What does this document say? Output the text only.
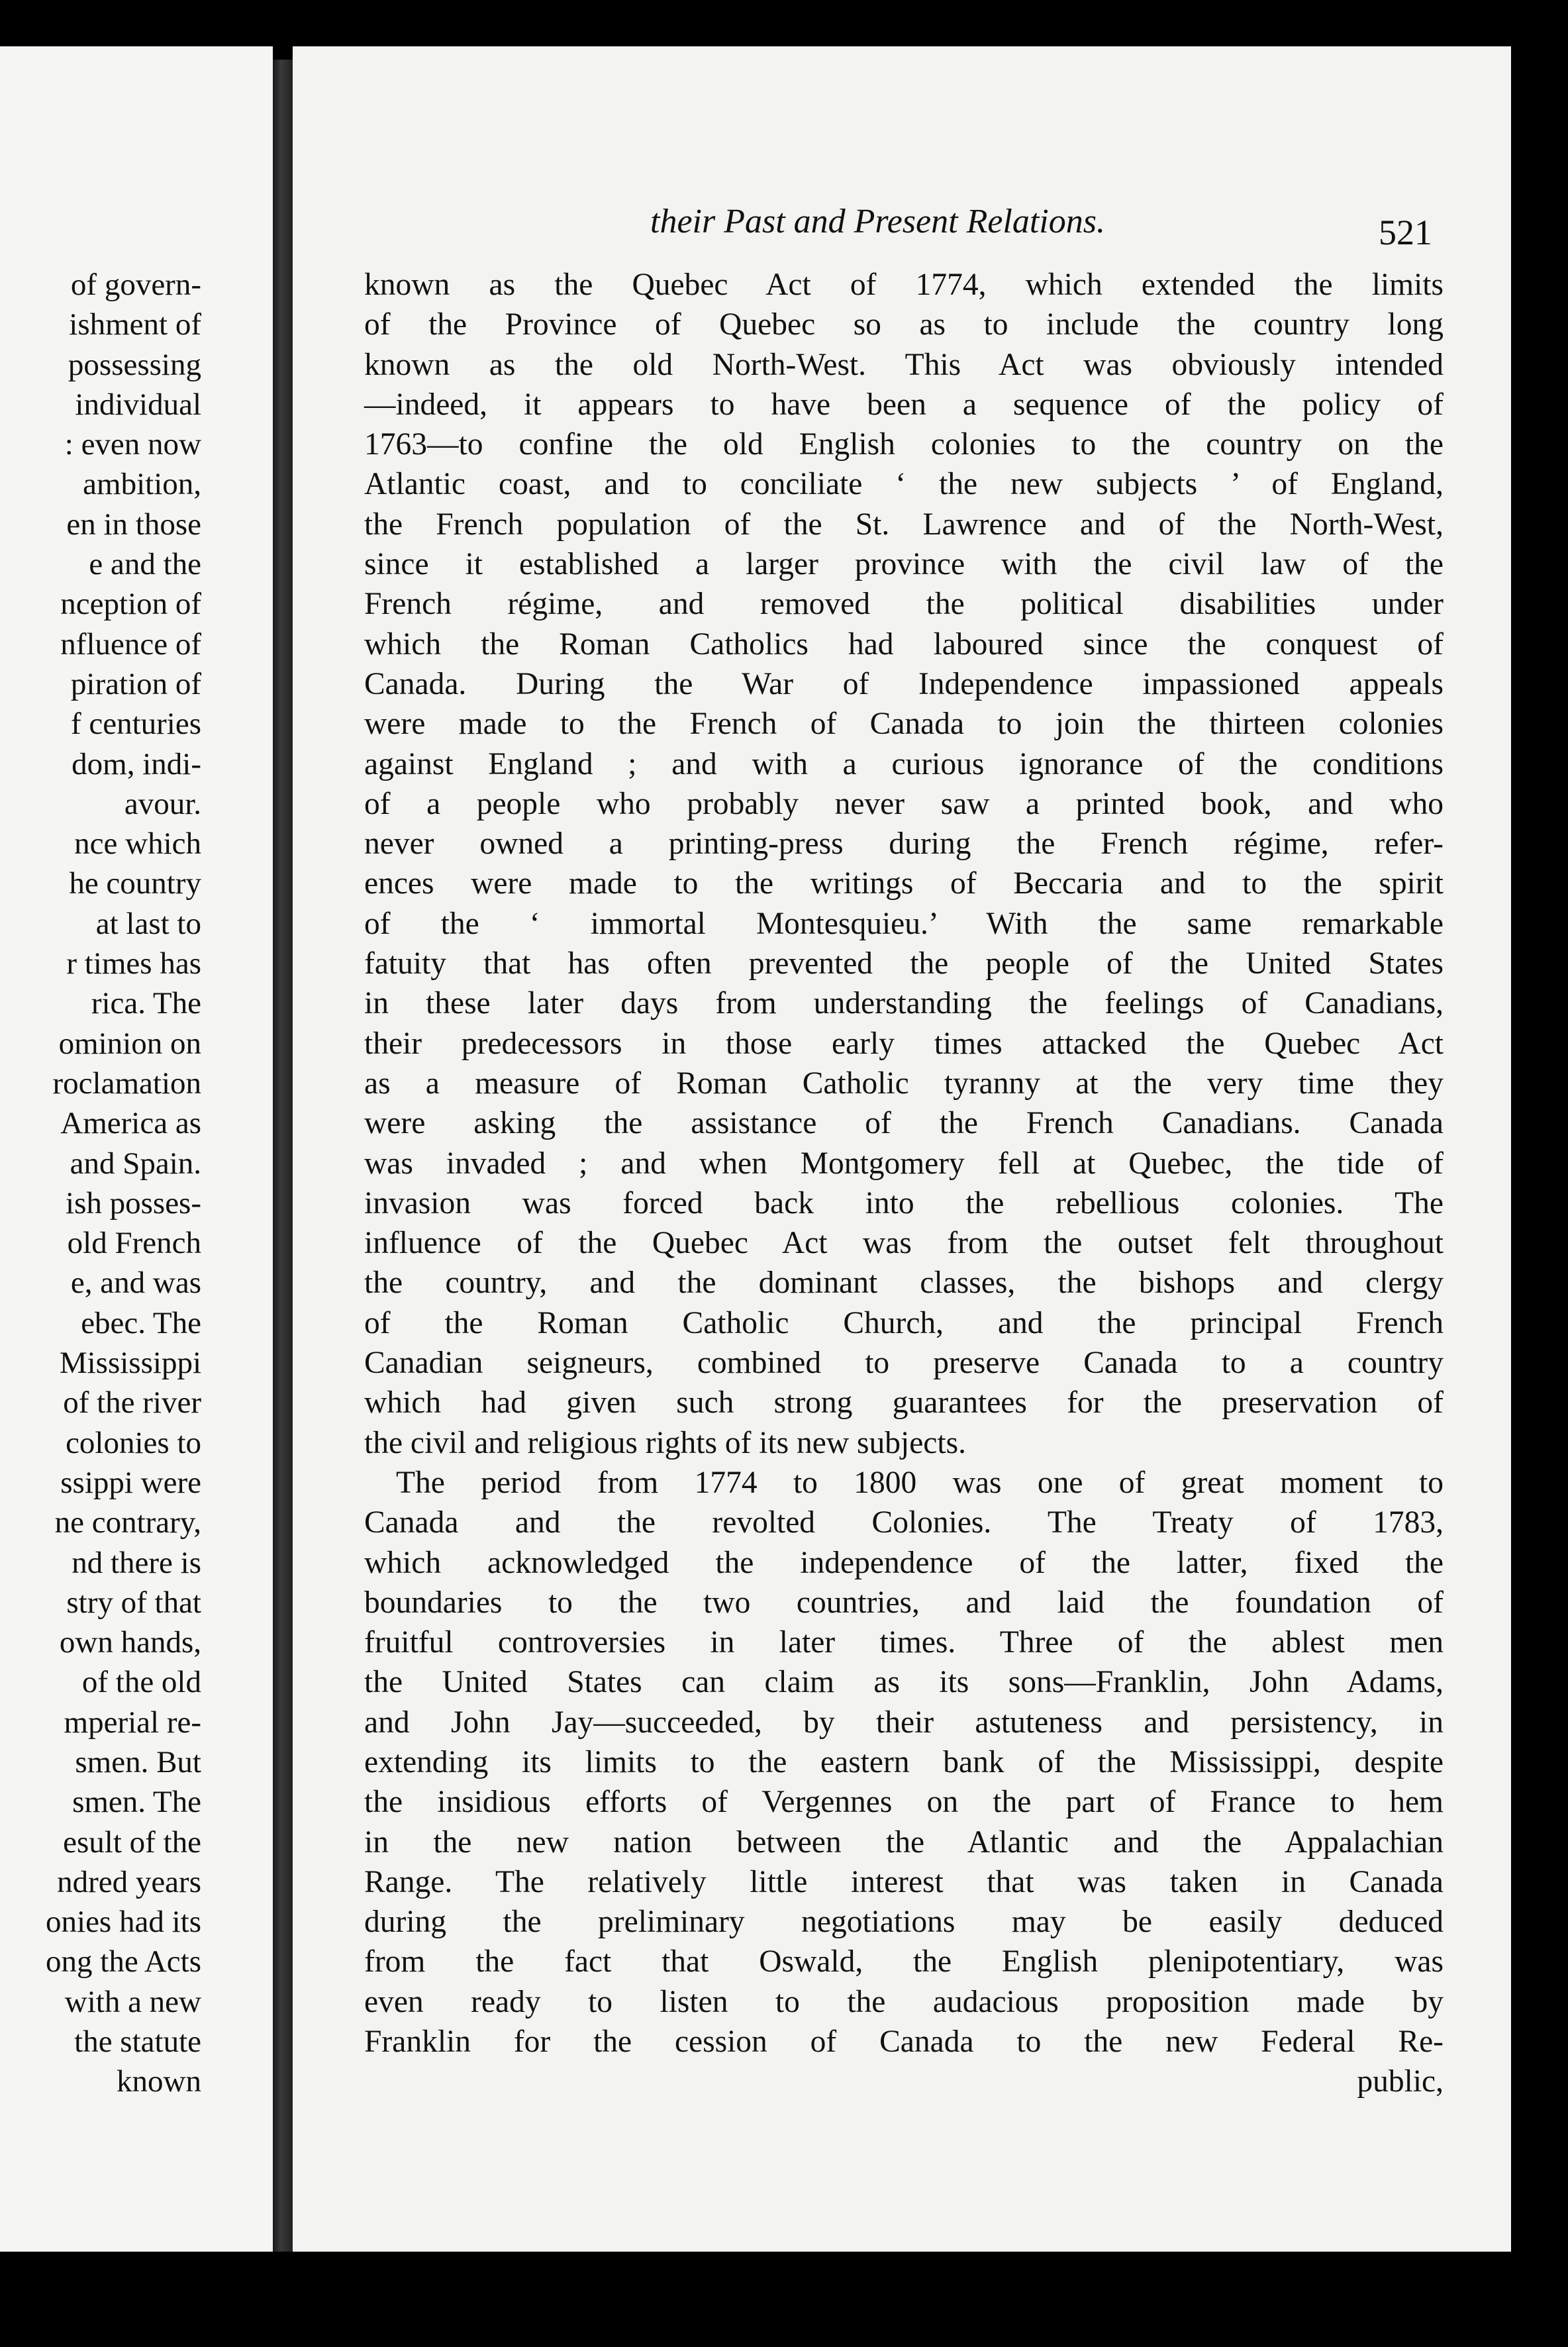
of govern-
ishment of
possessing
individual
: even now
ambition,
en in those
e and the
nception of
nfluence of
piration of
f centuries
dom, indi-
avour.
nce which
he country
at last to
r times has
rica. The
ominion on
roclamation
America as
and Spain.
ish posses-
old French
e, and was
ebec. The
Mississippi
of the river
colonies to
ssippi were
ne contrary,
nd there is
stry of that
own hands,
of the old
mperial re-
smen. But
smen. The
esult of the
ndred years
onies had its
ong the Acts
with a new
the statute
known
their Past and Present Relations.	521
known as the Quebec Act of 1774, which extended the limits
of the Province of Quebec so as to include the country long
known as the old North-West. This Act was obviously intended
—indeed, it appears to have been a sequence of the policy of
1763—to confine the old English colonies to the country on the
Atlantic coast, and to conciliate ‘ the new subjects ’ of England,
the French population of the St. Lawrence and of the North-West,
since it established a larger province with the civil law of the
French régime, and removed the political disabilities under
which the Roman Catholics had laboured since the conquest of
Canada. During the War of Independence impassioned appeals
were made to the French of Canada to join the thirteen colonies
against England ; and with a curious ignorance of the conditions
of a people who probably never saw a printed book, and who
never owned a printing-press during the French régime, refer-
ences were made to the writings of Beccaria and to the spirit
of the ‘ immortal Montesquieu.’ With the same remarkable
fatuity that has often prevented the people of the United States
in these later days from understanding the feelings of Canadians,
their predecessors in those early times attacked the Quebec Act
as a measure of Roman Catholic tyranny at the very time they
were asking the assistance of the French Canadians. Canada
was invaded ; and when Montgomery fell at Quebec, the tide of
invasion was forced back into the rebellious colonies. The
influence of the Quebec Act was from the outset felt throughout
the country, and the dominant classes, the bishops and clergy
of the Roman Catholic Church, and the principal French
Canadian seigneurs, combined to preserve Canada to a country
which had given such strong guarantees for the preservation of
the civil and religious rights of its new subjects.
The period from 1774 to 1800 was one of great moment to
Canada and the revolted Colonies. The Treaty of 1783,
which acknowledged the independence of the latter, fixed the
boundaries to the two countries, and laid the foundation of
fruitful controversies in later times. Three of the ablest men
the United States can claim as its sons—Franklin, John Adams,
and John Jay—succeeded, by their astuteness and persistency, in
extending its limits to the eastern bank of the Mississippi, despite
the insidious efforts of Vergennes on the part of France to hem
in the new nation between the Atlantic and the Appalachian
Range. The relatively little interest that was taken in Canada
during the preliminary negotiations may be easily deduced
from the fact that Oswald, the English plenipotentiary, was
even ready to listen to the audacious proposition made by
Franklin for the cession of Canada to the new Federal Re-
public,
